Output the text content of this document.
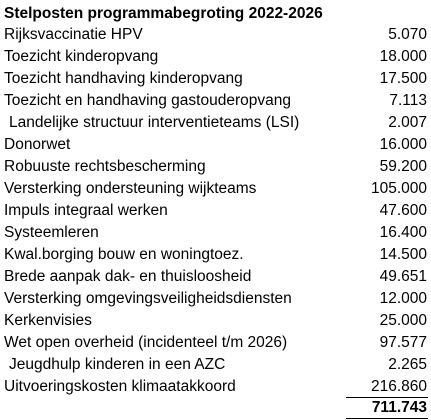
Stelposten programmabegroting 2022-2026
Rijksvaccinatie HPV	5.070
Toezicht kinderopvang	18.000
Toezicht handhaving kinderopvang	17.500
Toezicht en handhaving gastouderopvang	7.113
Landelijke structuur interventieteams (LSI)	2.007
Donorwet	16.000
Robuuste rechtsbescherming	59.200
Versterking ondersteuning wijkteams	105.000
Impuls integraal werken	47.600
Systeemleren	16.400
Kwal.borging bouw en woningtoez.	14.500
Brede aanpak dak- en thuisloosheid	49.651
Versterking omgevingsveiligheidsdiensten	12.000
Kerkenvisies	25.000
Wet open overheid (incidenteel t/m 2026)	97.577
Jeugdhulp kinderen in een AZC	2.265
Uitvoeringskosten klimaatakkoord	216.860
711.743
